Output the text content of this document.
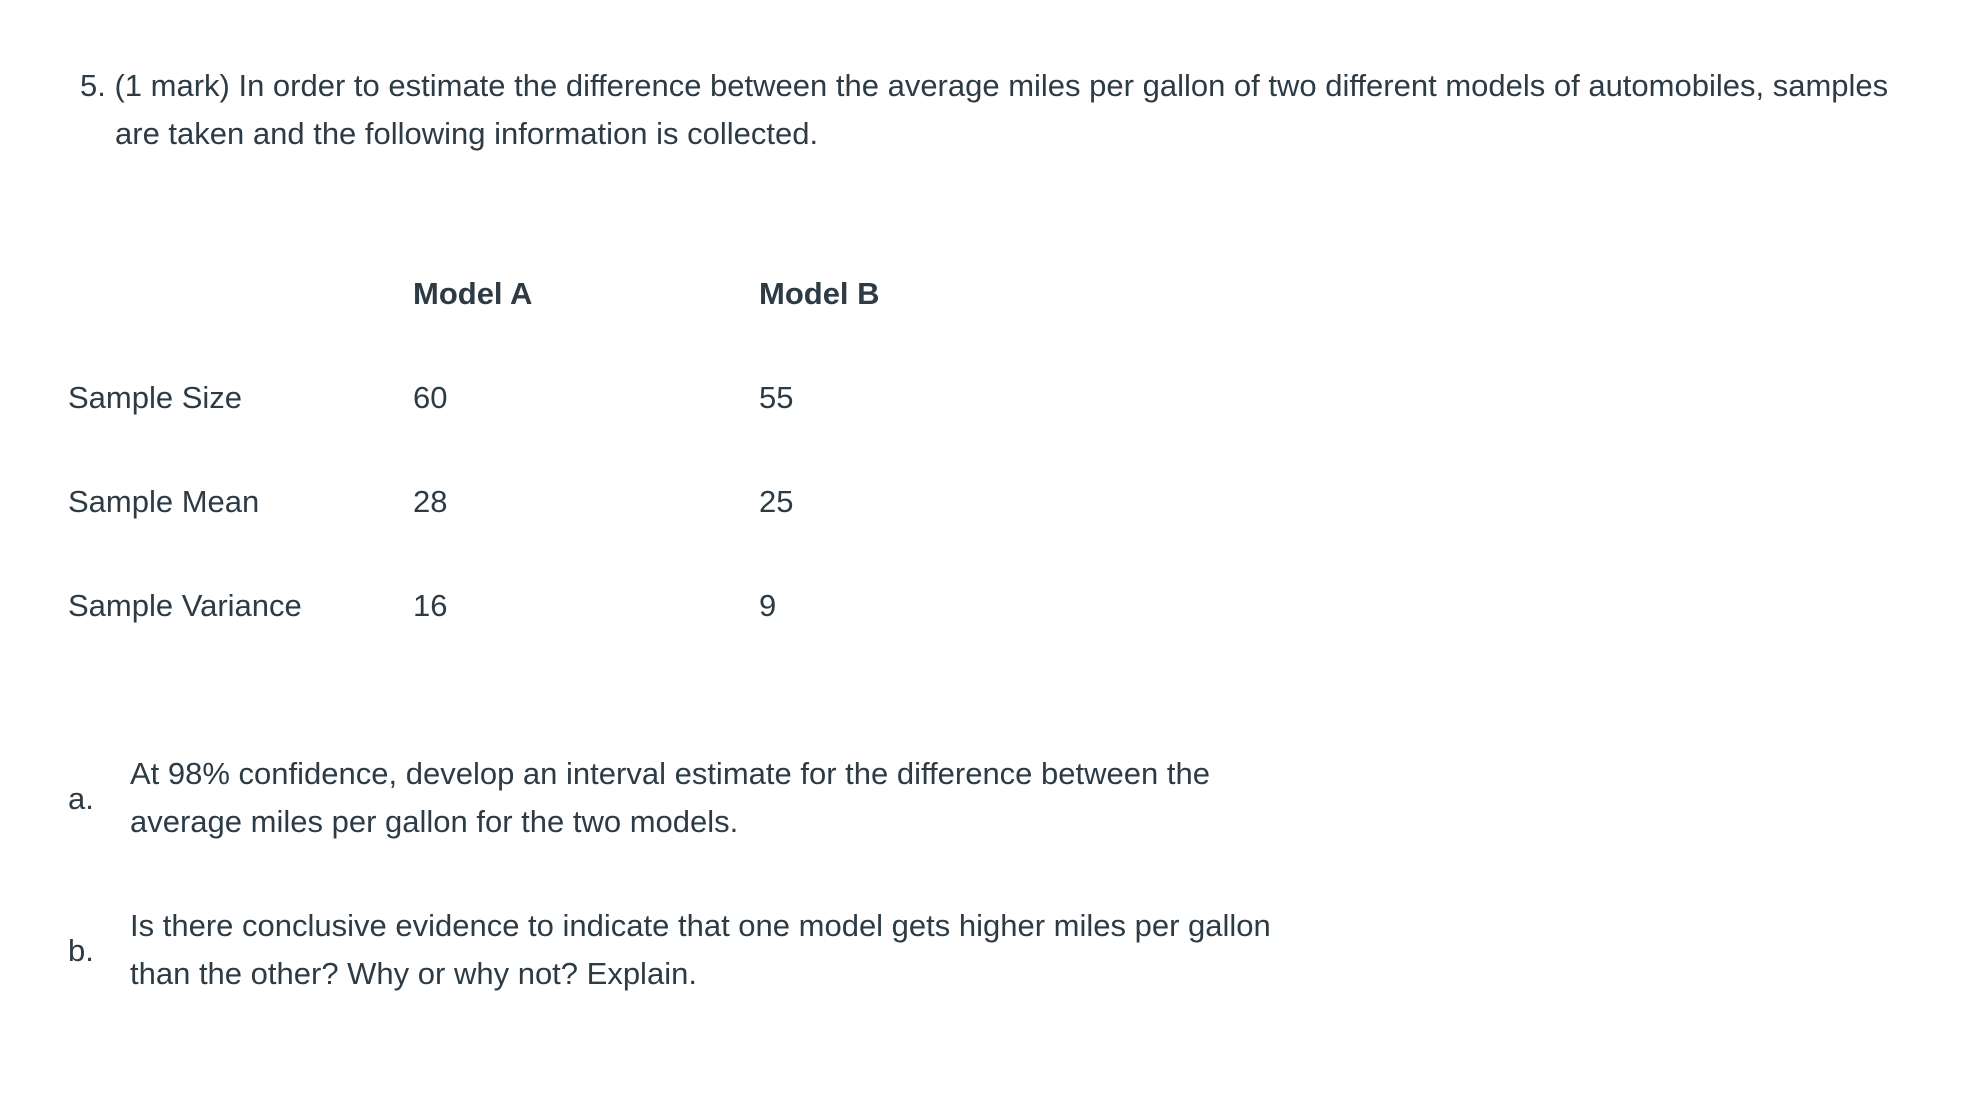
5. (1 mark) In order to estimate the difference between the average miles per gallon of two different models of automobiles, samples are taken and the following information is collected.
	Model A	Model B
Sample Size	60	55
Sample Mean	28	25
Sample Variance	16	9
a.
At 98% confidence, develop an interval estimate for the difference between the average miles per gallon for the two models.
b.
Is there conclusive evidence to indicate that one model gets higher miles per gallon than the other? Why or why not? Explain.
